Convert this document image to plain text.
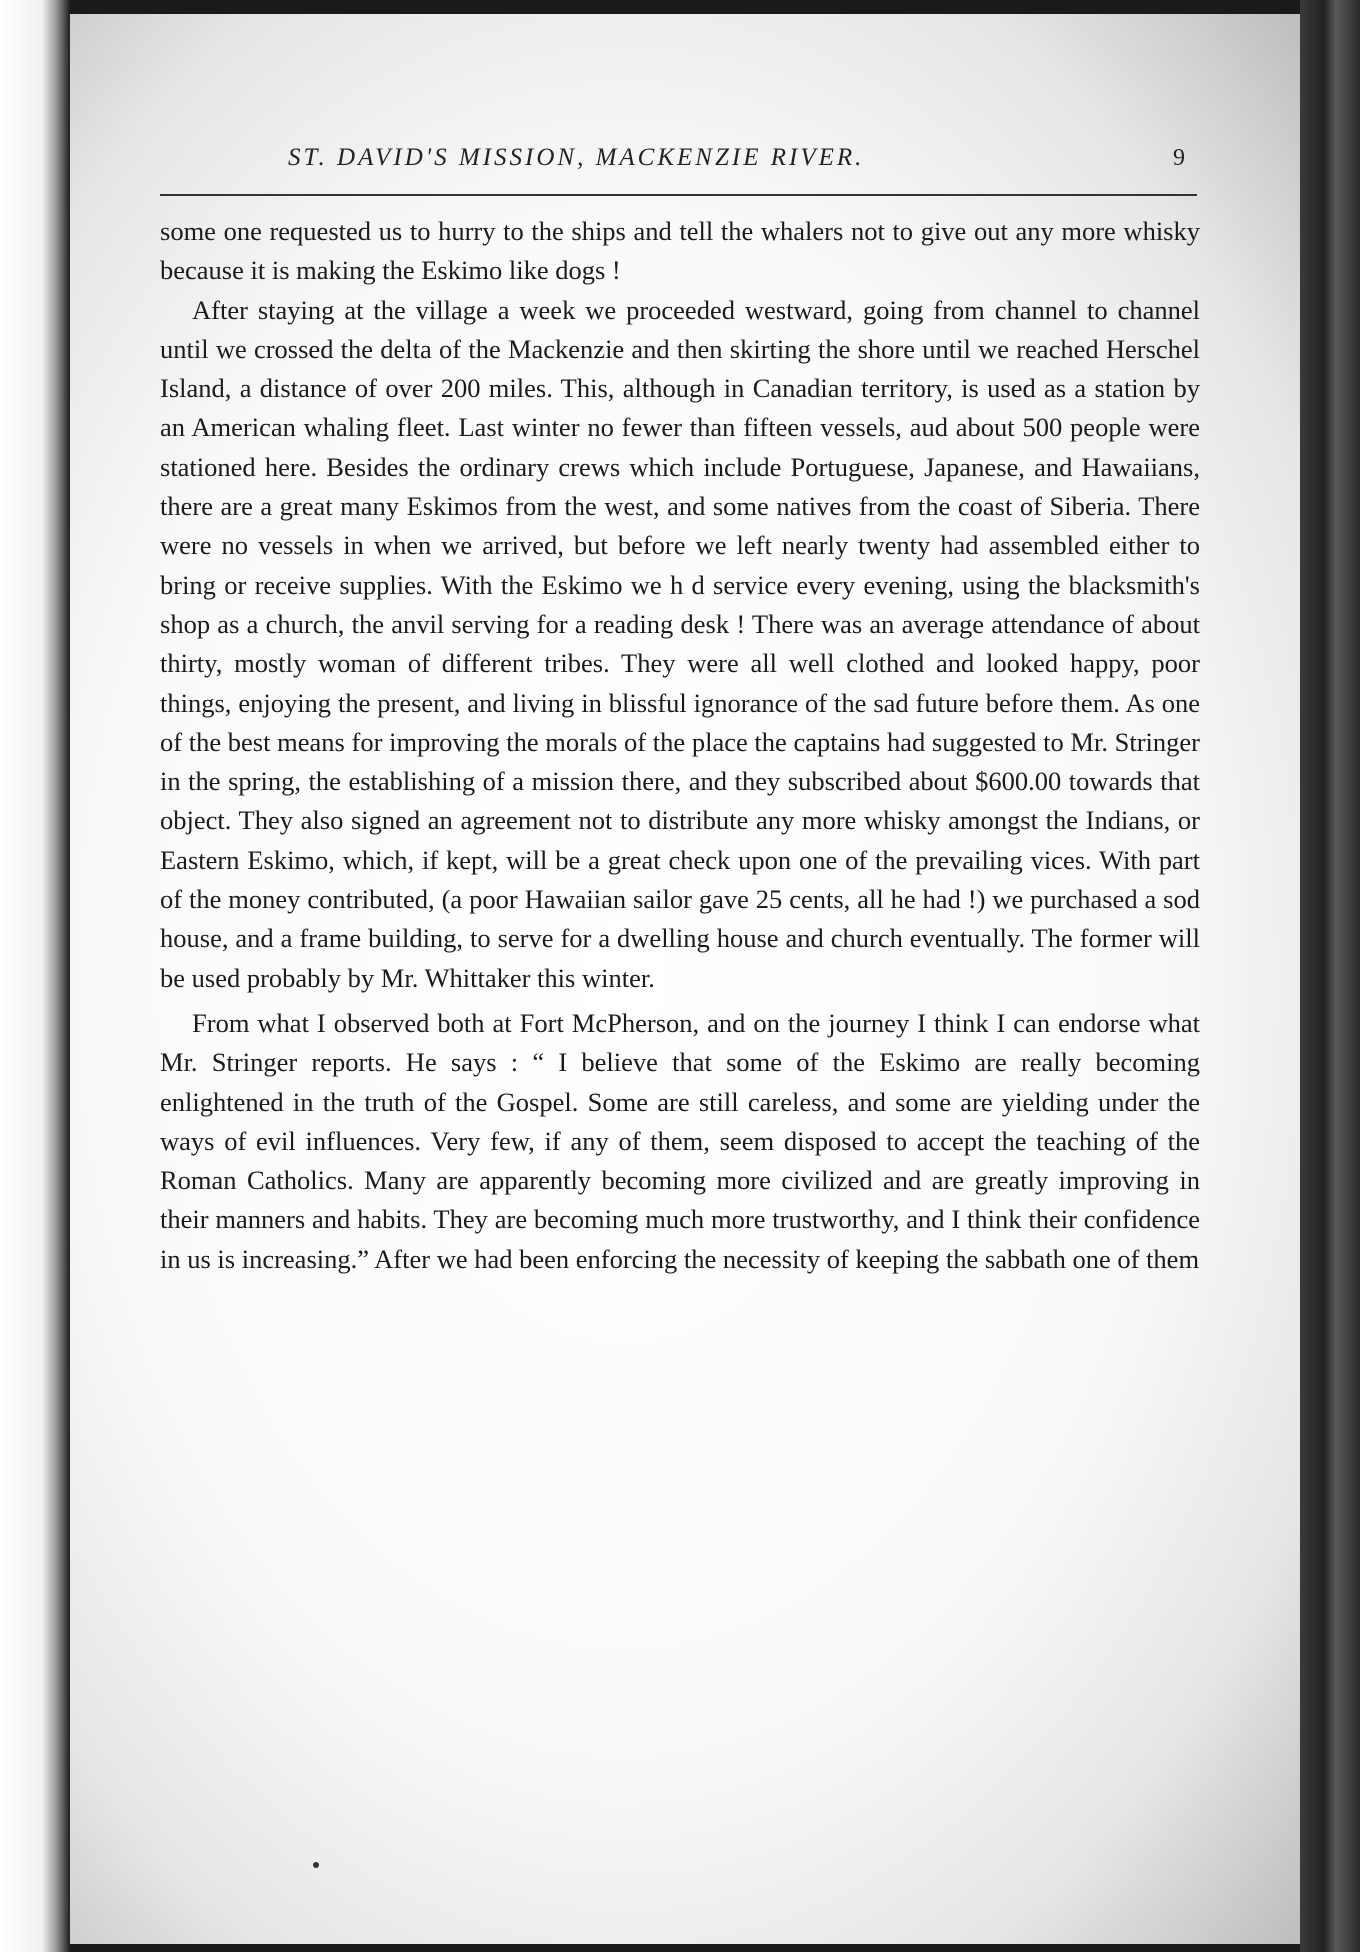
ST. DAVID'S MISSION, MACKENZIE RIVER.	9

some one requested us to hurry to the ships and tell the whalers not to give out any more whisky because it is making the Eskimo like dogs !

After staying at the village a week we proceeded westward, going from channel to channel until we crossed the delta of the Mackenzie and then skirting the shore until we reached Herschel Island, a distance of over 200 miles. This, although in Canadian territory, is used as a station by an American whaling fleet. Last winter no fewer than fifteen vessels, aud about 500 people were stationed here. Besides the ordinary crews which include Portuguese, Japanese, and Hawaiians, there are a great many Eskimos from the west, and some natives from the coast of Siberia. There were no vessels in when we arrived, but before we left nearly twenty had assembled either to bring or receive supplies. With the Eskimo we h d service every evening, using the blacksmith's shop as a church, the anvil serving for a reading desk ! There was an average attendance of about thirty, mostly woman of different tribes. They were all well clothed and looked happy, poor things, enjoying the present, and living in blissful ignorance of the sad future before them. As one of the best means for improving the morals of the place the captains had suggested to Mr. Stringer in the spring, the establishing of a mission there, and they subscribed about $600.00 towards that object. They also signed an agreement not to distribute any more whisky amongst the Indians, or Eastern Eskimo, which, if kept, will be a great check upon one of the prevailing vices. With part of the money contributed, (a poor Hawaiian sailor gave 25 cents, all he had !) we purchased a sod house, and a frame building, to serve for a dwelling house and church eventually. The former will be used probably by Mr. Whittaker this winter.

From what I observed both at Fort McPherson, and on the journey I think I can endorse what Mr. Stringer reports. He says : “ I believe that some of the Eskimo are really becoming enlightened in the truth of the Gospel. Some are still careless, and some are yielding under the ways of evil influences. Very few, if any of them, seem disposed to accept the teaching of the Roman Catholics. Many are apparently becoming more civilized and are greatly improving in their manners and habits. They are becoming much more trustworthy, and I think their confidence in us is increasing.” After we had been enforcing the necessity of keeping the sabbath one of them
